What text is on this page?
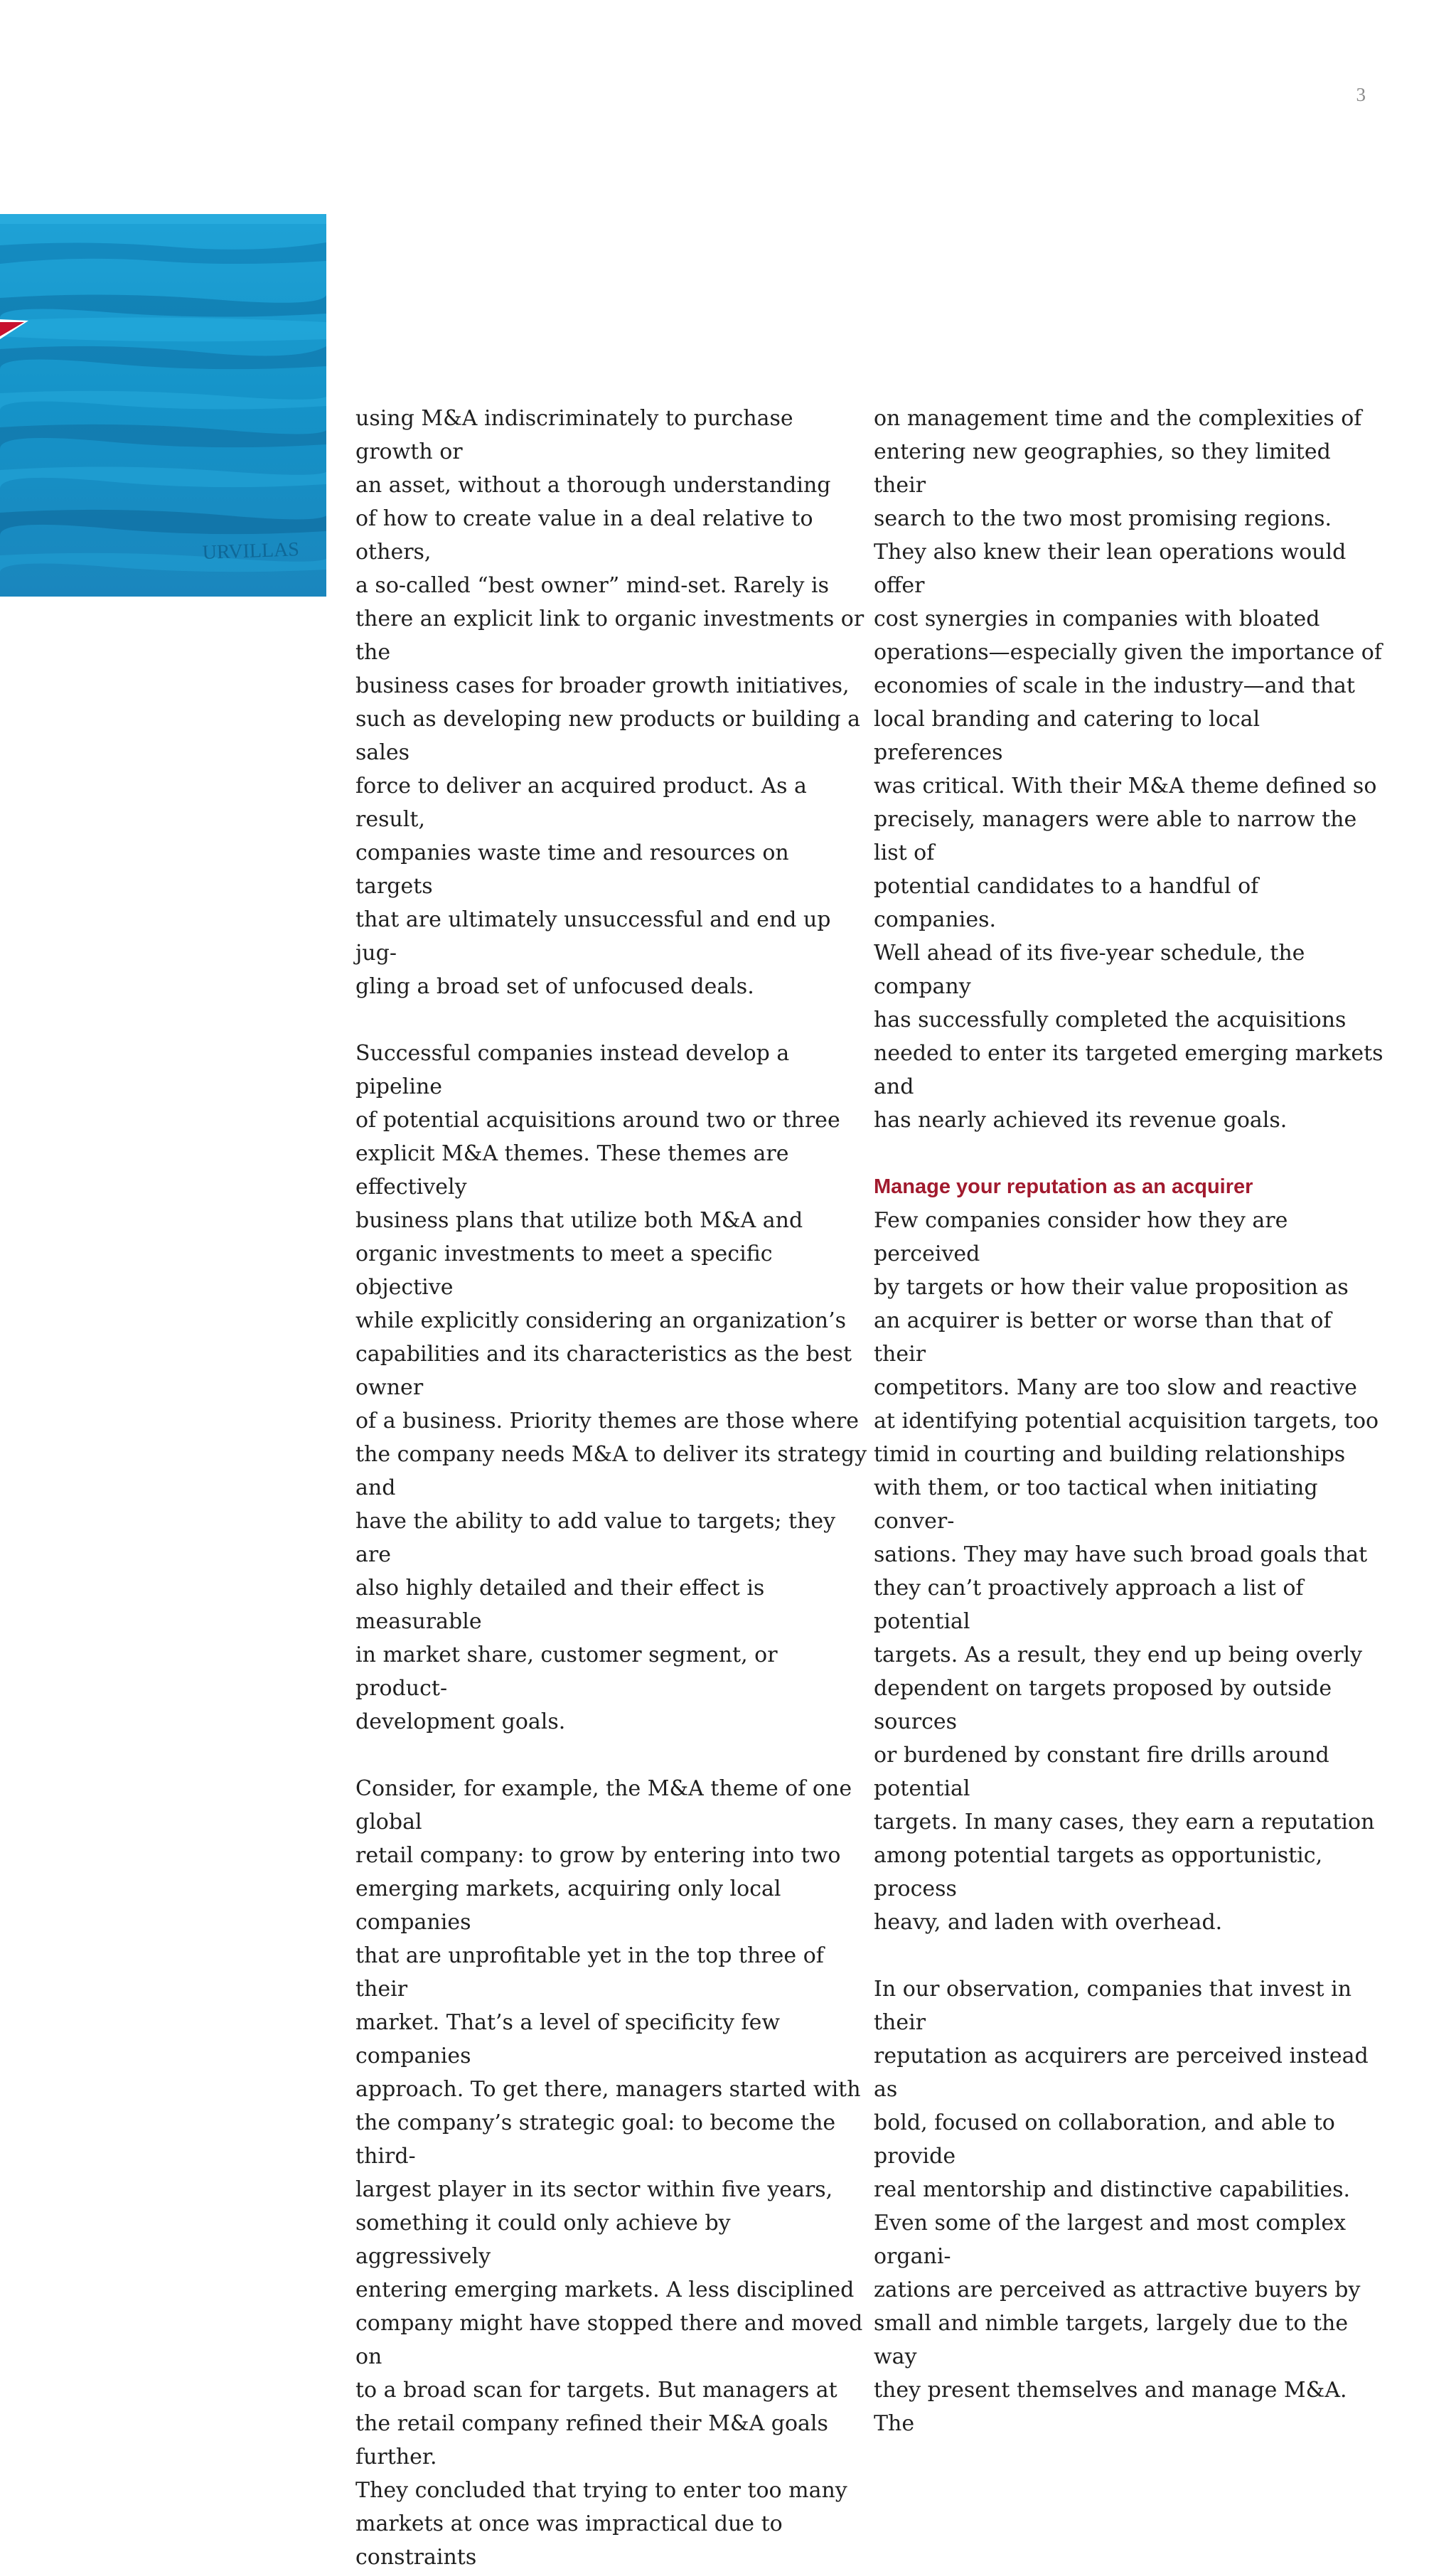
3
URVILLAS

using M&A indiscriminately to purchase growth or
an asset, without a thorough understanding
of how to create value in a deal relative to others,
a so-called “best owner” mind-set. Rarely is
there an explicit link to organic investments or the
business cases for broader growth initiatives,
such as developing new products or building a sales
force to deliver an acquired product. As a result,
companies waste time and resources on targets
that are ultimately unsuccessful and end up jug-
gling a broad set of unfocused deals.

Successful companies instead develop a pipeline
of potential acquisitions around two or three
explicit M&A themes. These themes are effectively
business plans that utilize both M&A and
organic investments to meet a specific objective
while explicitly considering an organization’s
capabilities and its characteristics as the best owner
of a business. Priority themes are those where
the company needs M&A to deliver its strategy and
have the ability to add value to targets; they are
also highly detailed and their effect is measurable
in market share, customer segment, or product-
development goals.

Consider, for example, the M&A theme of one global
retail company: to grow by entering into two
emerging markets, acquiring only local companies
that are unprofitable yet in the top three of their
market. That’s a level of specificity few companies
approach. To get there, managers started with
the company’s strategic goal: to become the third-
largest player in its sector within five years,
something it could only achieve by aggressively
entering emerging markets. A less disciplined
company might have stopped there and moved on
to a broad scan for targets. But managers at
the retail company refined their M&A goals further.
They concluded that trying to enter too many
markets at once was impractical due to constraints

on management time and the complexities of
entering new geographies, so they limited their
search to the two most promising regions.
They also knew their lean operations would offer
cost synergies in companies with bloated
operations—especially given the importance of
economies of scale in the industry—and that
local branding and catering to local preferences
was critical. With their M&A theme defined so
precisely, managers were able to narrow the list of
potential candidates to a handful of companies.
Well ahead of its five-year schedule, the company
has successfully completed the acquisitions
needed to enter its targeted emerging markets and
has nearly achieved its revenue goals.

Manage your reputation as an acquirer

Few companies consider how they are perceived
by targets or how their value proposition as
an acquirer is better or worse than that of their
competitors. Many are too slow and reactive
at identifying potential acquisition targets, too
timid in courting and building relationships
with them, or too tactical when initiating conver-
sations. They may have such broad goals that
they can’t proactively approach a list of potential
targets. As a result, they end up being overly
dependent on targets proposed by outside sources
or burdened by constant fire drills around potential
targets. In many cases, they earn a reputation
among potential targets as opportunistic, process
heavy, and laden with overhead.

In our observation, companies that invest in their
reputation as acquirers are perceived instead as
bold, focused on collaboration, and able to provide
real mentorship and distinctive capabilities.
Even some of the largest and most complex organi-
zations are perceived as attractive buyers by
small and nimble targets, largely due to the way
they present themselves and manage M&A. The
